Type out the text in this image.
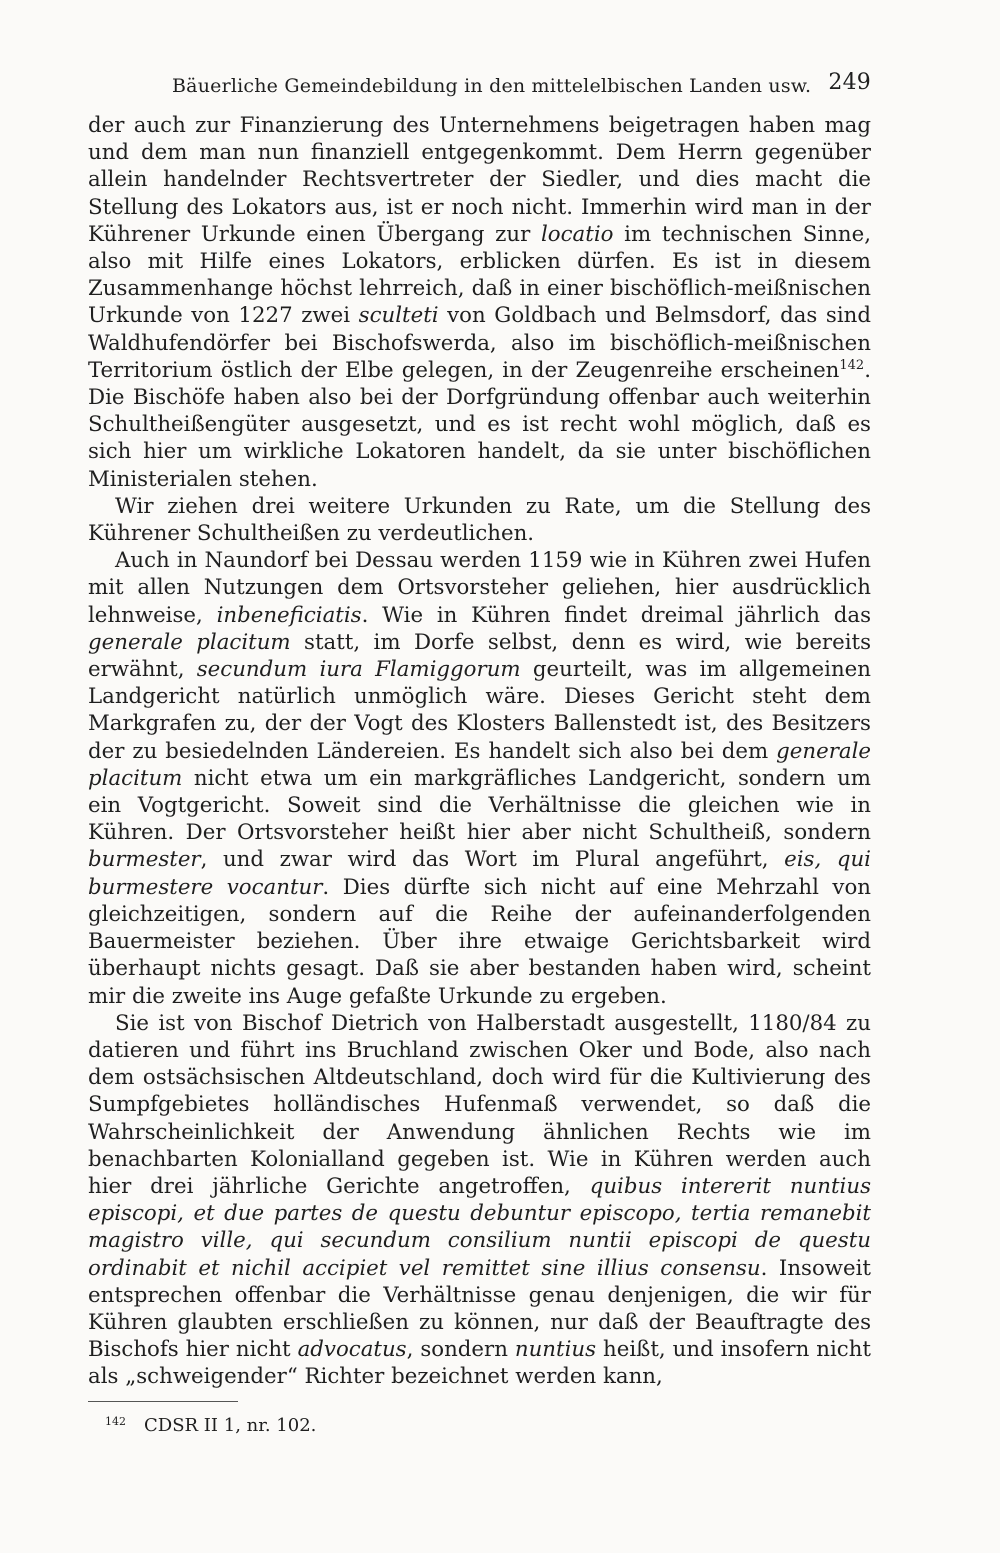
Bäuerliche Gemeindebildung in den mittelelbischen Landen usw. 249

der auch zur Finanzierung des Unternehmens beigetragen haben mag und dem man nun finanziell entgegenkommt. Dem Herrn gegenüber allein handelnder Rechtsvertreter der Siedler, und dies macht die Stellung des Lokators aus, ist er noch nicht. Immerhin wird man in der Kührener Urkunde einen Übergang zur locatio im technischen Sinne, also mit Hilfe eines Lokators, erblicken dürfen. Es ist in diesem Zusammenhange höchst lehrreich, daß in einer bischöflich-meißnischen Urkunde von 1227 zwei sculteti von Goldbach und Belmsdorf, das sind Waldhufendörfer bei Bischofswerda, also im bischöflich-meißnischen Territorium östlich der Elbe gelegen, in der Zeugenreihe erscheinen$^{142}$. Die Bischöfe haben also bei der Dorfgründung offenbar auch weiterhin Schultheißengüter ausgesetzt, und es ist recht wohl möglich, daß es sich hier um wirkliche Lokatoren handelt, da sie unter bischöflichen Ministerialen stehen.

Wir ziehen drei weitere Urkunden zu Rate, um die Stellung des Kührener Schultheißen zu verdeutlichen.

Auch in Naundorf bei Dessau werden 1159 wie in Kühren zwei Hufen mit allen Nutzungen dem Ortsvorsteher geliehen, hier ausdrücklich lehnweise, inbeneficiatis. Wie in Kühren findet dreimal jährlich das generale placitum statt, im Dorfe selbst, denn es wird, wie bereits erwähnt, secundum iura Flamiggorum geurteilt, was im allgemeinen Landgericht natürlich unmöglich wäre. Dieses Gericht steht dem Markgrafen zu, der der Vogt des Klosters Ballenstedt ist, des Besitzers der zu besiedelnden Ländereien. Es handelt sich also bei dem generale placitum nicht etwa um ein markgräfliches Landgericht, sondern um ein Vogtgericht. Soweit sind die Verhältnisse die gleichen wie in Kühren. Der Ortsvorsteher heißt hier aber nicht Schultheiß, sondern burmester, und zwar wird das Wort im Plural angeführt, eis, qui burmestere vocantur. Dies dürfte sich nicht auf eine Mehrzahl von gleichzeitigen, sondern auf die Reihe der aufeinanderfolgenden Bauermeister beziehen. Über ihre etwaige Gerichtsbarkeit wird überhaupt nichts gesagt. Daß sie aber bestanden haben wird, scheint mir die zweite ins Auge gefaßte Urkunde zu ergeben.

Sie ist von Bischof Dietrich von Halberstadt ausgestellt, 1180/84 zu datieren und führt ins Bruchland zwischen Oker und Bode, also nach dem ostsächsischen Altdeutschland, doch wird für die Kultivierung des Sumpfgebietes holländisches Hufenmaß verwendet, so daß die Wahrscheinlichkeit der Anwendung ähnlichen Rechts wie im benachbarten Kolonialland gegeben ist. Wie in Kühren werden auch hier drei jährliche Gerichte angetroffen, quibus intererit nuntius episcopi, et due partes de questu debuntur episcopo, tertia remanebit magistro ville, qui secundum consilium nuntii episcopi de questu ordinabit et nichil accipiet vel remittet sine illius consensu. Insoweit entsprechen offenbar die Verhältnisse genau denjenigen, die wir für Kühren glaubten erschließen zu können, nur daß der Beauftragte des Bischofs hier nicht advocatus, sondern nuntius heißt, und insofern nicht als „schweigender“ Richter bezeichnet werden kann,

$^{142}$ CDSR II 1, nr. 102.
